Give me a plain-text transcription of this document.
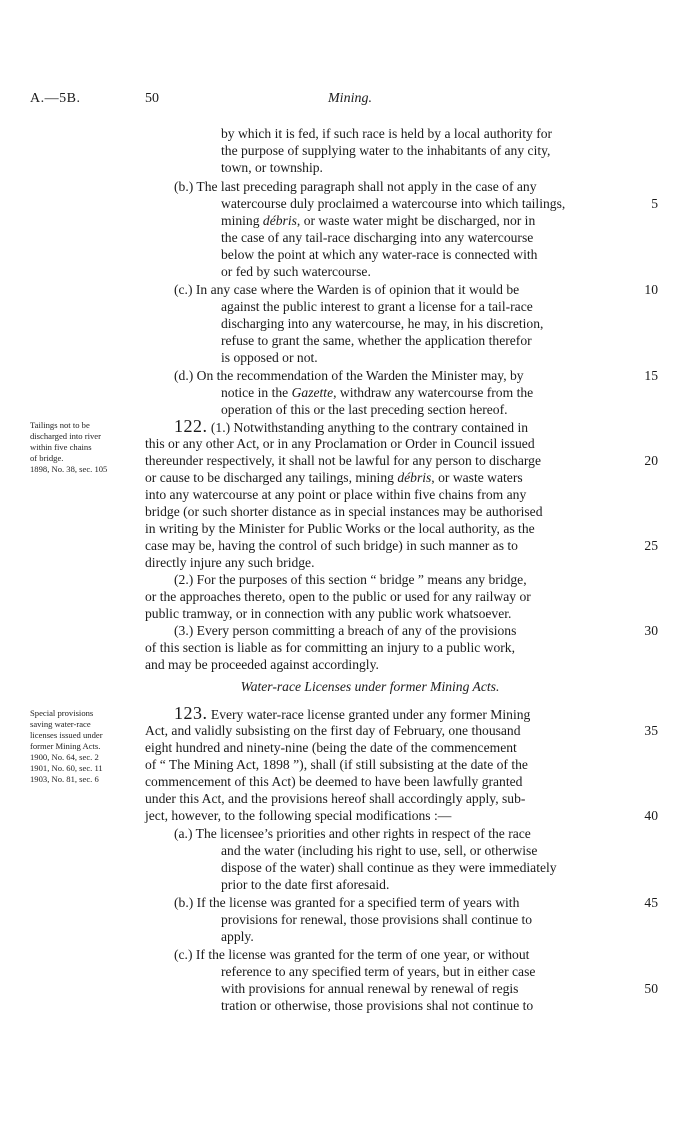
A.—5B.	50	Mining.
by which it is fed, if such race is held by a local authority for
the purpose of supplying water to the inhabitants of any city,
town, or township.
(b.) The last preceding paragraph shall not apply in the case of any
watercourse duly proclaimed a watercourse into which tailings,
mining débris, or waste water might be discharged, nor in
the case of any tail-race discharging into any watercourse
below the point at which any water-race is connected with
or fed by such watercourse.
(c.) In any case where the Warden is of opinion that it would be
against the public interest to grant a license for a tail-race
discharging into any watercourse, he may, in his discretion,
refuse to grant the same, whether the application therefor
is opposed or not.
(d.) On the recommendation of the Warden the Minister may, by
notice in the Gazette, withdraw any watercourse from the
operation of this or the last preceding section hereof.
122. (1.) Notwithstanding anything to the contrary contained in
this or any other Act, or in any Proclamation or Order in Council issued
thereunder respectively, it shall not be lawful for any person to discharge
or cause to be discharged any tailings, mining débris, or waste waters
into any watercourse at any point or place within five chains from any
bridge (or such shorter distance as in special instances may be authorised
in writing by the Minister for Public Works or the local authority, as the
case may be, having the control of such bridge) in such manner as to
directly injure any such bridge.
(2.) For the purposes of this section “ bridge ” means any bridge,
or the approaches thereto, open to the public or used for any railway or
public tramway, or in connection with any public work whatsoever.
(3.) Every person committing a breach of any of the provisions
of this section is liable as for committing an injury to a public work,
and may be proceeded against accordingly.
123. Every water-race license granted under any former Mining
Act, and validly subsisting on the first day of February, one thousand
eight hundred and ninety-nine (being the date of the commencement
of “ The Mining Act, 1898 ”), shall (if still subsisting at the date of the
commencement of this Act) be deemed to have been lawfully granted
under this Act, and the provisions hereof shall accordingly apply, sub-
ject, however, to the following special modifications :—
(a.) The licensee’s priorities and other rights in respect of the race
and the water (including his right to use, sell, or otherwise
dispose of the water) shall continue as they were immediately
prior to the date first aforesaid.
(b.) If the license was granted for a specified term of years with
provisions for renewal, those provisions shall continue to
apply.
(c.) If the license was granted for the term of one year, or without
reference to any specified term of years, but in either case
with provisions for annual renewal by renewal of regis
tration or otherwise, those provisions shal not continue to
Water-race Licenses under former Mining Acts.
5
10
15
20
25
30
35
40
45
50
Tailings not to be
discharged into river
within five chains
of bridge.
1898, No. 38, sec. 105
Special provisions
saving water-race
licenses issued under
former Mining Acts.
1900, No. 64, sec. 2
1901, No. 60, sec. 11
1903, No. 81, sec. 6
